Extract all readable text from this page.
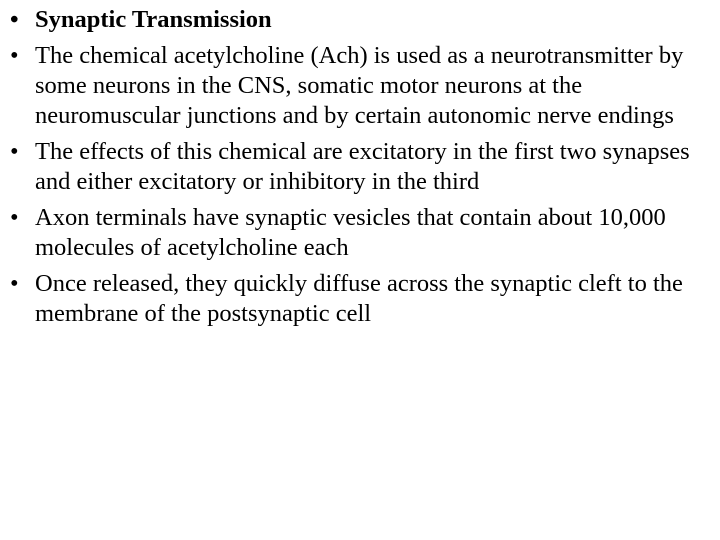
• Synaptic Transmission
• The chemical acetylcholine (Ach) is used as a neurotransmitter by some neurons in the CNS, somatic motor neurons at the neuromuscular junctions and by certain autonomic nerve endings
• The effects of this chemical are excitatory in the first two synapses and either excitatory or inhibitory in the third
• Axon terminals have synaptic vesicles that contain about 10,000 molecules of acetylcholine each
• Once released, they quickly diffuse across the synaptic cleft to the membrane of the postsynaptic cell
